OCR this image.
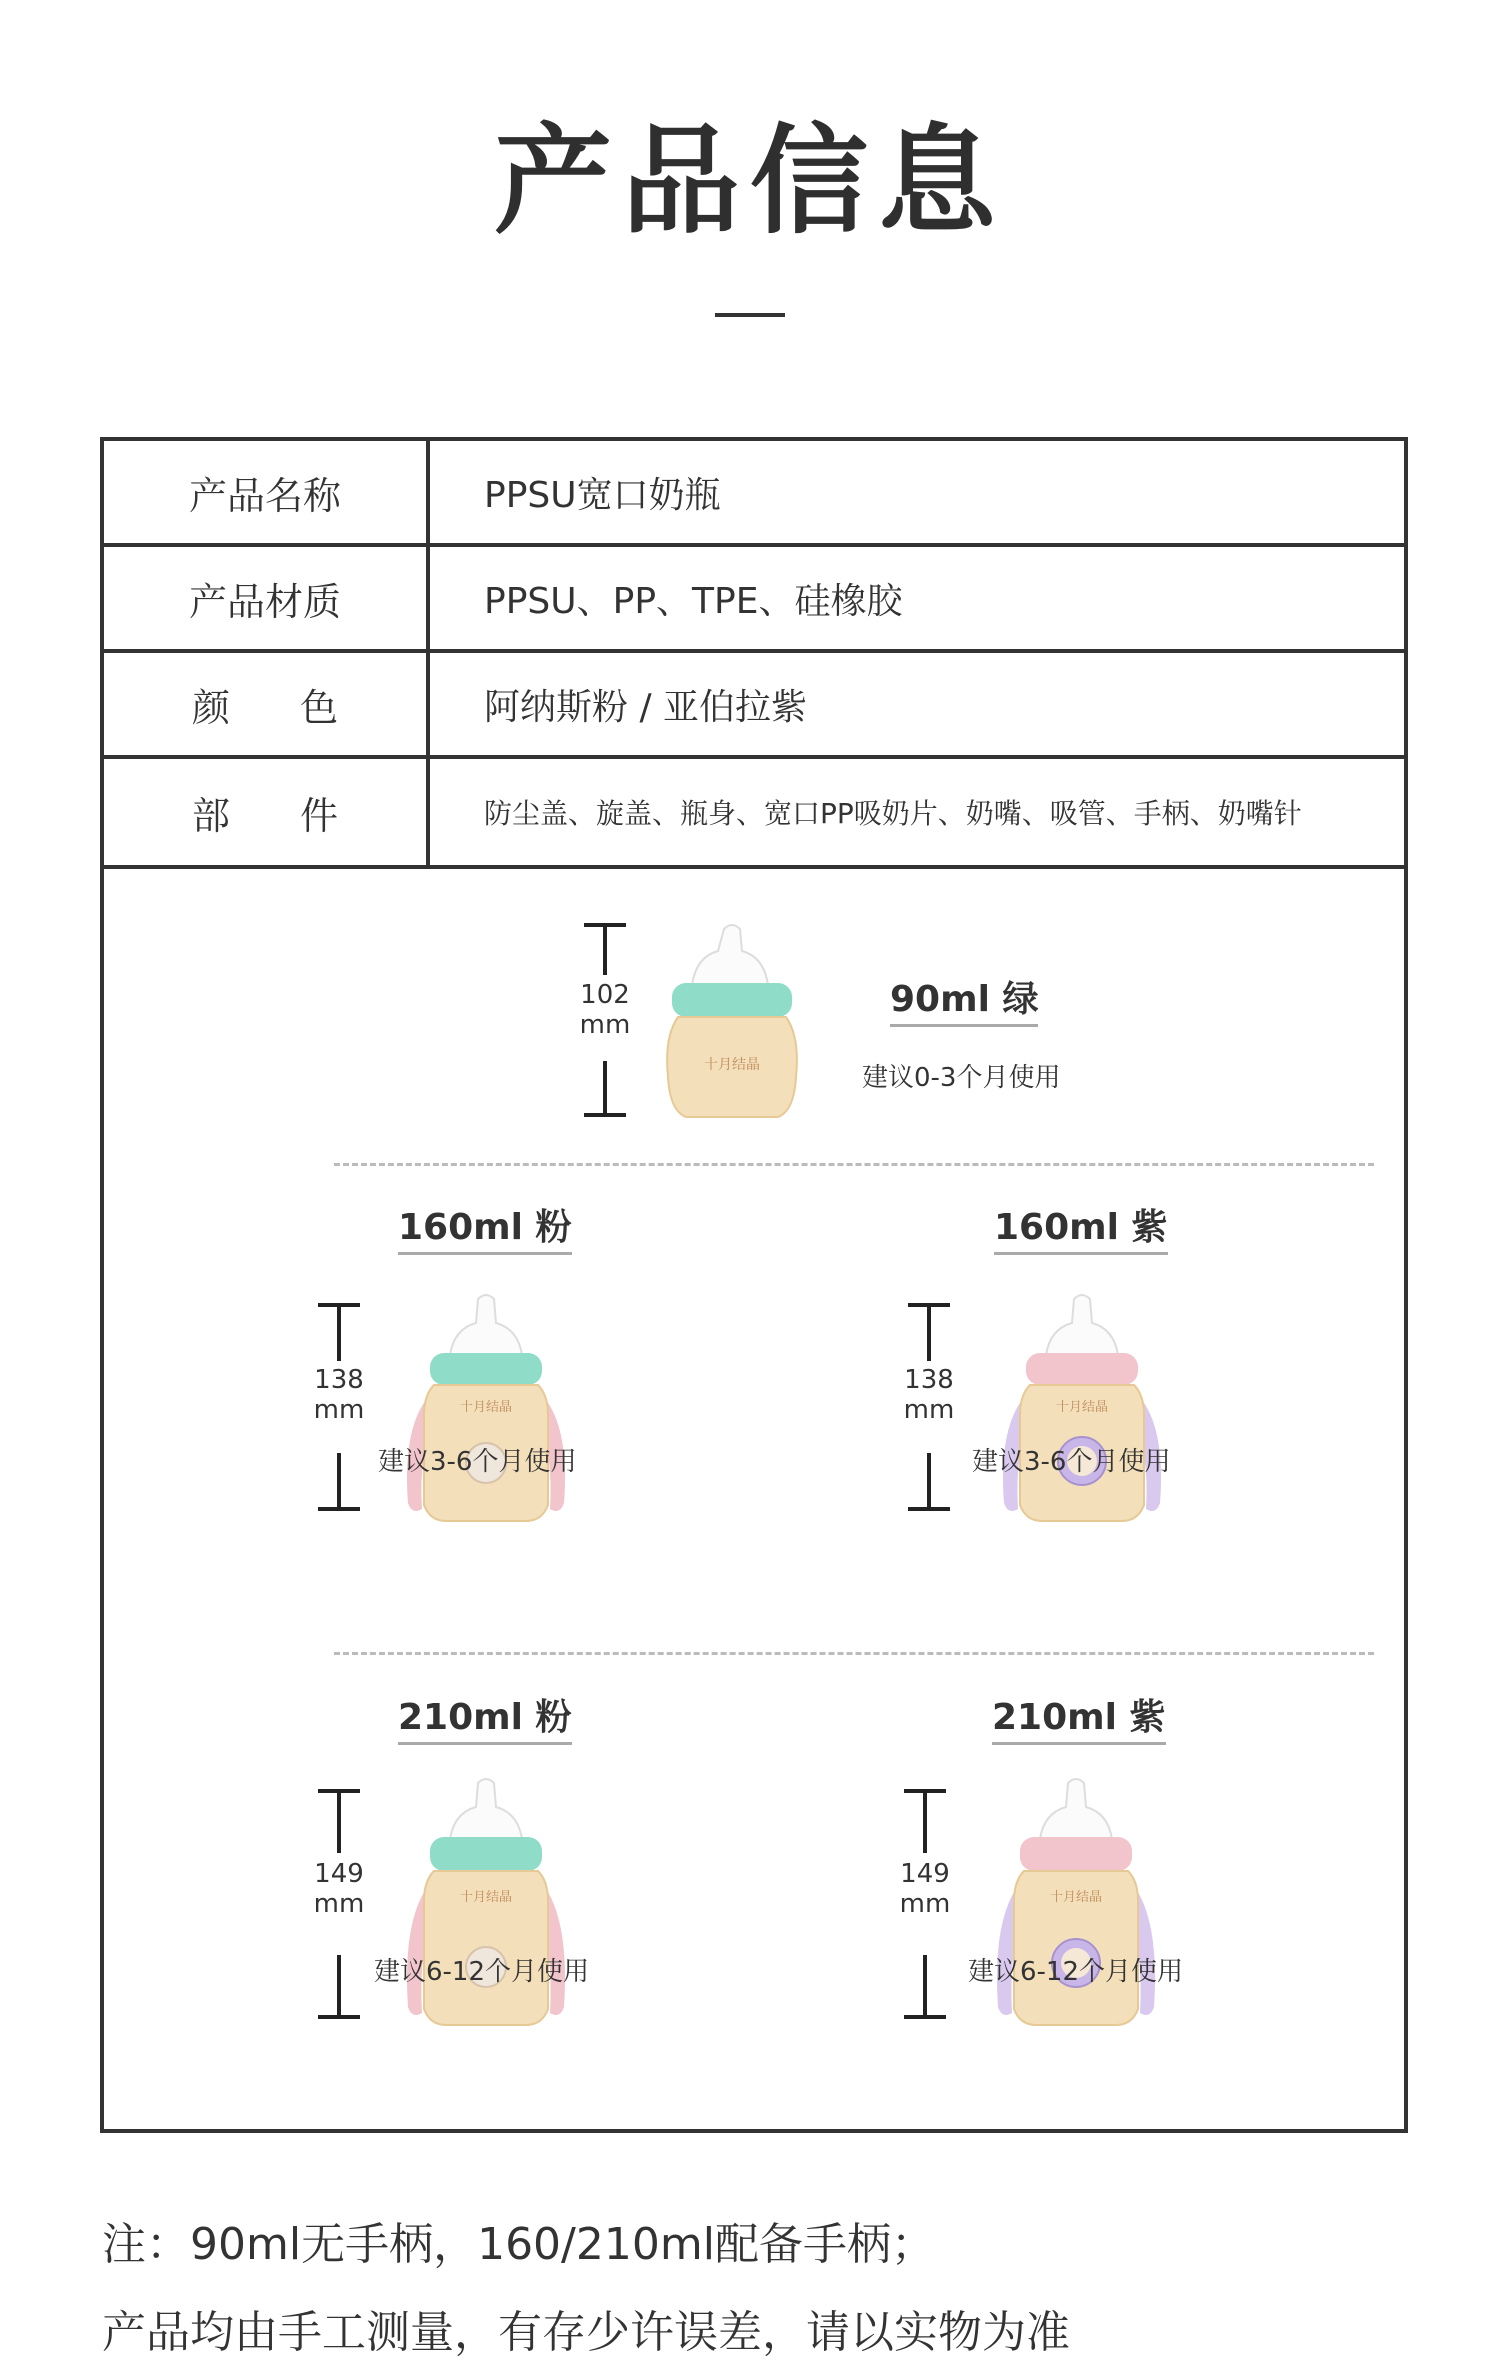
产品信息
产品名称	PPSU宽口奶瓶
产品材质	PPSU、PP、TPE、硅橡胶
颜色 阿纳斯粉 / 亚伯拉紫
部件	防尘盖、旋盖、瓶身、宽口PP吸奶片、奶嘴、吸管、手柄、奶嘴针
102
mm
十月结晶
90ml 绿
建议0-3个月使用
160ml 粉
138
mm	十月结晶
建议3-6个月使用
160ml 紫
138
mm	十月结晶
建议3-6个月使用
210ml 粉
149
mm	十月结晶
建议6-12个月使用
210ml 紫
149
mm	十月结晶
建议6-12个月使用
注：90ml无手柄，160/210ml配备手柄；
产品均由手工测量，有存少许误差，请以实物为准
